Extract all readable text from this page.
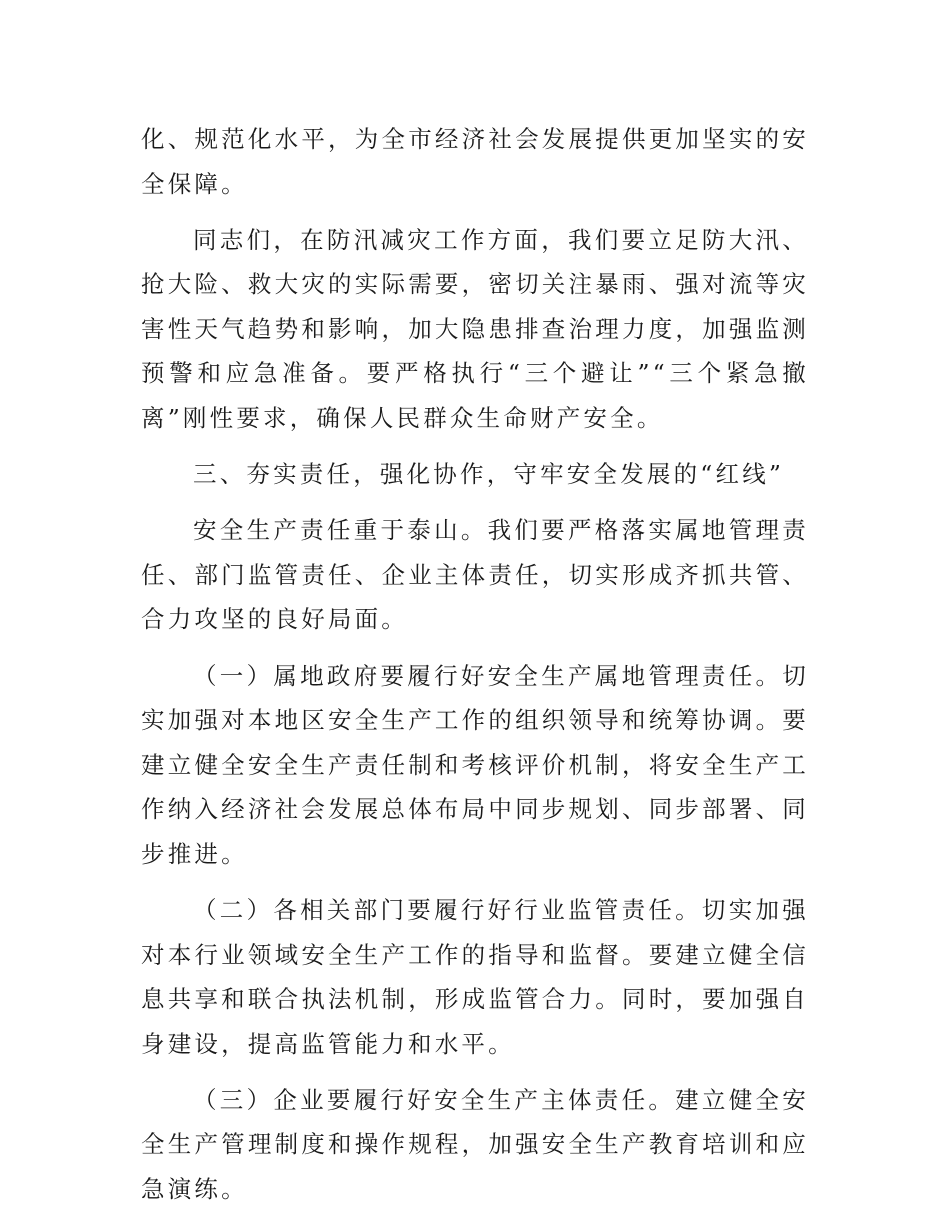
化、规范化水平，为全市经济社会发展提供更加坚实的安全保障。

同志们，在防汛减灾工作方面，我们要立足防大汛、抢大险、救大灾的实际需要，密切关注暴雨、强对流等灾害性天气趋势和影响，加大隐患排查治理力度，加强监测预警和应急准备。要严格执行“三个避让”“三个紧急撤离”刚性要求，确保人民群众生命财产安全。

三、夯实责任，强化协作，守牢安全发展的“红线”

安全生产责任重于泰山。我们要严格落实属地管理责任、部门监管责任、企业主体责任，切实形成齐抓共管、合力攻坚的良好局面。

（一）属地政府要履行好安全生产属地管理责任。切实加强对本地区安全生产工作的组织领导和统筹协调。要建立健全安全生产责任制和考核评价机制，将安全生产工作纳入经济社会发展总体布局中同步规划、同步部署、同步推进。

（二）各相关部门要履行好行业监管责任。切实加强对本行业领域安全生产工作的指导和监督。要建立健全信息共享和联合执法机制，形成监管合力。同时，要加强自身建设，提高监管能力和水平。

（三）企业要履行好安全生产主体责任。建立健全安全生产管理制度和操作规程，加强安全生产教育培训和应急演练。
